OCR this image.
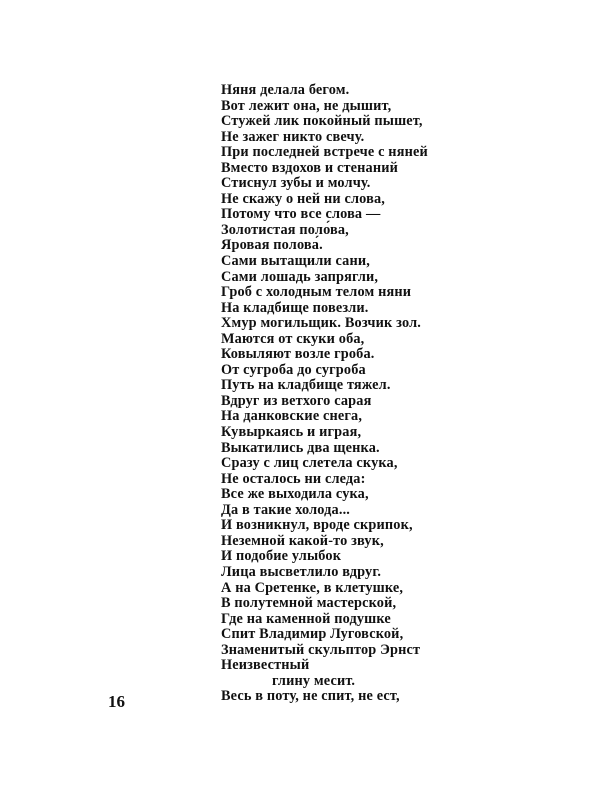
Няня делала бегом.
Вот лежит она, не дышит,
Стужей лик покойный пышет,
Не зажег никто свечу.
При последней встрече с няней
Вместо вздохов и стенаний
Стиснул зубы и молчу.
Не скажу о ней ни слова,
Потому что все слова —
Золотистая поло́ва,
Яровая полова́.
Сами вытащили сани,
Сами лошадь запрягли,
Гроб с холодным телом няни
На кладбище повезли.
Хмур могильщик. Возчик зол.
Маются от скуки оба,
Ковыляют возле гроба.
От сугроба до сугроба
Путь на кладбище тяжел.
Вдруг из ветхого сарая
На данковские снега,
Кувыркаясь и играя,
Выкатились два щенка.
Сразу с лиц слетела скука,
Не осталось ни следа:
Все же выходила сука,
Да в такие холода...
И возникнул, вроде скрипок,
Неземной какой-то звук,
И подобие улыбок
Лица высветлило вдруг.
А на Сретенке, в клетушке,
В полутемной мастерской,
Где на каменной подушке
Спит Владимир Луговской,
Знаменитый скульптор Эрнст
Неизвестный
глину месит.
Весь в поту, не спит, не ест,
16
